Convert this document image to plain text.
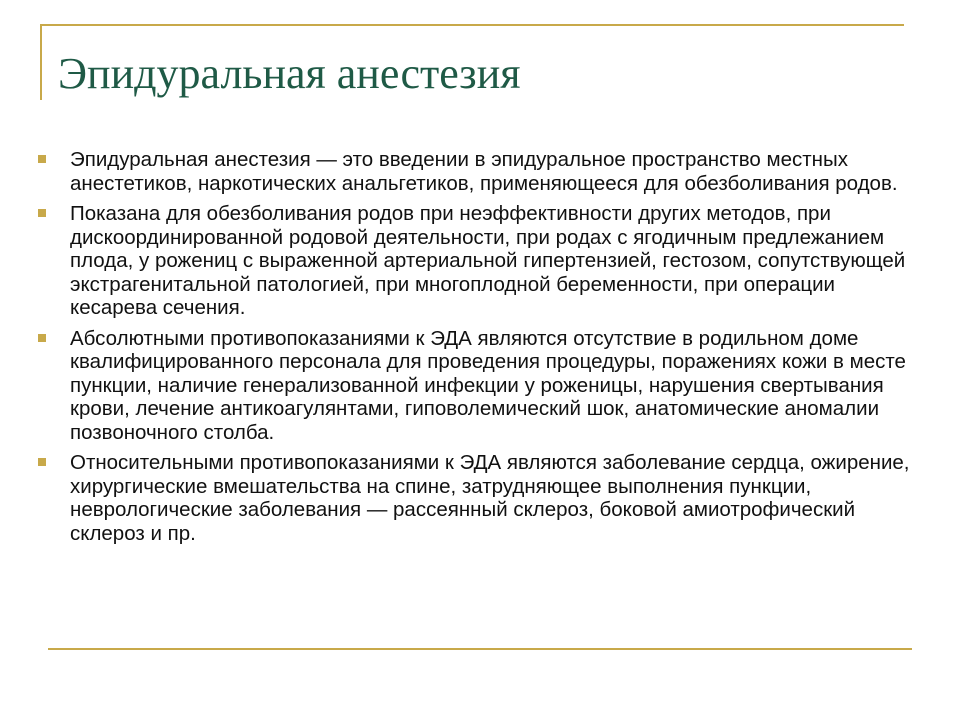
Эпидуральная анестезия
Эпидуральная анестезия — это введении в эпидуральное пространство местных анестетиков, наркотических анальгетиков, применяющееся для обезболивания родов.
Показана для обезболивания родов при неэффективности других методов, при дискоординированной родовой деятельности, при родах с ягодичным предлежанием плода, у рожениц с выраженной артериальной гипертензией, гестозом, сопутствующей экстрагенитальной патологией, при многоплодной беременности, при операции кесарева сечения.
Абсолютными противопоказаниями к ЭДА являются отсутствие в родильном доме квалифицированного персонала для проведения процедуры, поражениях кожи в месте пункции, наличие генерализованной инфекции у роженицы, нарушения свертывания крови, лечение антикоагулянтами, гиповолемический шок, анатомические аномалии позвоночного столба.
Относительными противопоказаниями к ЭДА являются заболевание сердца, ожирение, хирургические вмешательства на спине, затрудняющее выполнения пункции, неврологические заболевания — рассеянный склероз, боковой амиотрофический склероз и пр.
